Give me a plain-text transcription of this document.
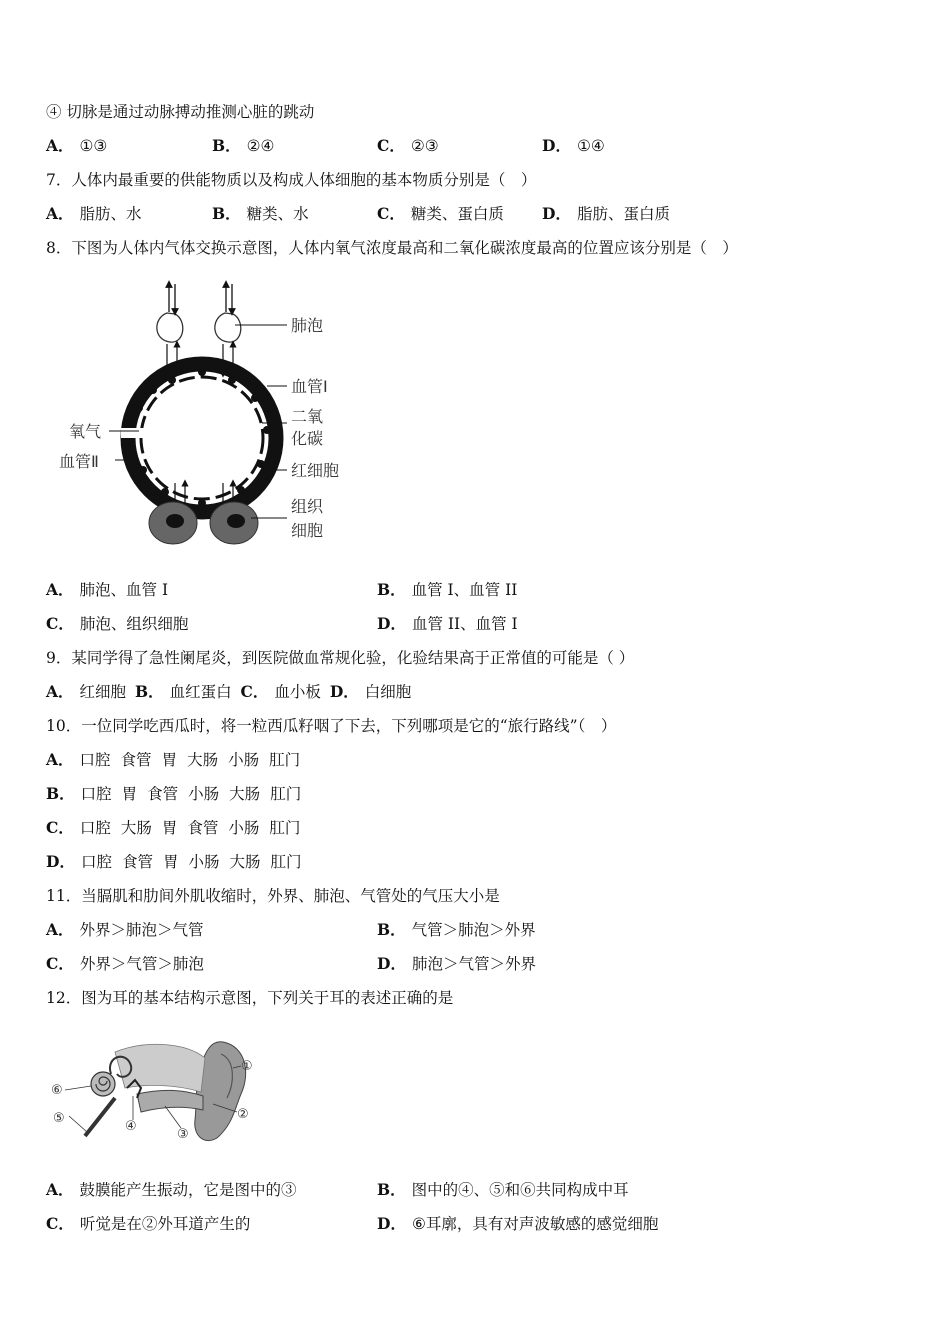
④ 切脉是通过动脉搏动推测心脏的跳动
A． ①③	B． ②④	C． ②③	D． ①④
7．人体内最重要的供能物质以及构成人体细胞的基本物质分别是（　）
A． 脂肪、水	B． 糖类、水	C． 糖类、蛋白质 D． 脂肪、蛋白质
8．下图为人体内气体交换示意图，人体内氧气浓度最高和二氧化碳浓度最高的位置应该分别是（　）
肺泡
血管Ⅰ
二氧
化碳
红细胞
组织
细胞
氧气
血管Ⅱ
A． 肺泡、血管 I	B． 血管 I、血管 II
C． 肺泡、组织细胞	D． 血管 II、血管 I
9．某同学得了急性阑尾炎，到医院做血常规化验，化验结果高于正常值的可能是（ ）
A． 红细胞 B． 血红蛋白 C． 血小板 D． 白细胞
10．一位同学吃西瓜时，将一粒西瓜籽咽了下去，下列哪项是它的“旅行路线”（　）
A． 口腔 食管 胃 大肠 小肠 肛门
B． 口腔 胃 食管 小肠 大肠 肛门
C． 口腔 大肠 胃 食管 小肠 肛门
D． 口腔 食管 胃 小肠 大肠 肛门
11．当膈肌和肋间外肌收缩时，外界、肺泡、气管处的气压大小是
A． 外界＞肺泡＞气管	B． 气管＞肺泡＞外界
C． 外界＞气管＞肺泡	D． 肺泡＞气管＞外界
12．图为耳的基本结构示意图，下列关于耳的表述正确的是
①
②
③
④
⑤
⑥
A． 鼓膜能产生振动，它是图中的③	B． 图中的④、⑤和⑥共同构成中耳
C． 听觉是在②外耳道产生的	D． ⑥耳廓，具有对声波敏感的感觉细胞
